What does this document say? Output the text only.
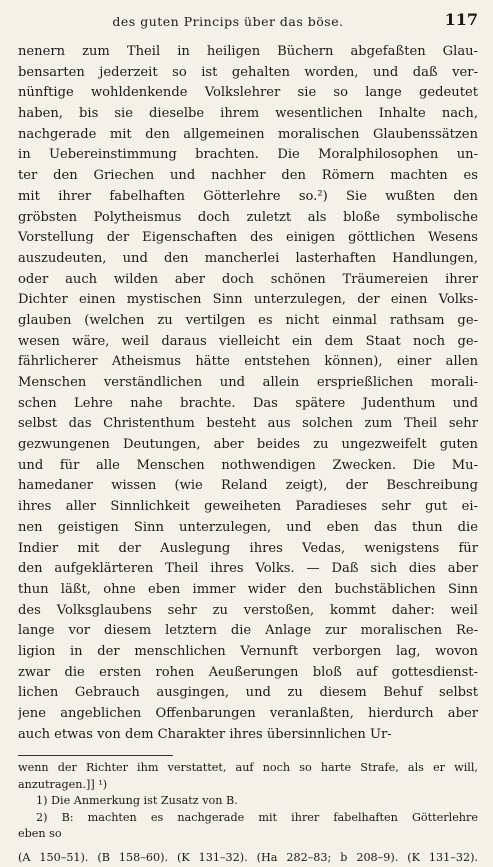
des guten Princips über das böse.	117
nenern zum Theil in heiligen Büchern abgefaßten Glau-
bensarten jederzeit so ist gehalten worden, und daß ver-
nünftige wohldenkende Volkslehrer sie so lange gedeutet
haben, bis sie dieselbe ihrem wesentlichen Inhalte nach,
nachgerade mit den allgemeinen moralischen Glaubenssätzen
in Uebereinstimmung brachten. Die Moralphilosophen un-
ter den Griechen und nachher den Römern machten es
mit ihrer fabelhaften Götterlehre so.²) Sie wußten den
gröbsten Polytheismus doch zuletzt als bloße symbolische
Vorstellung der Eigenschaften des einigen göttlichen Wesens
auszudeuten, und den mancherlei lasterhaften Handlungen,
oder auch wilden aber doch schönen Träumereien ihrer
Dichter einen mystischen Sinn unterzulegen, der einen Volks-
glauben (welchen zu vertilgen es nicht einmal rathsam ge-
wesen wäre, weil daraus vielleicht ein dem Staat noch ge-
fährlicherer Atheismus hätte entstehen können), einer allen
Menschen verständlichen und allein ersprießlichen morali-
schen Lehre nahe brachte. Das spätere Judenthum und
selbst das Christenthum besteht aus solchen zum Theil sehr
gezwungenen Deutungen, aber beides zu ungezweifelt guten
und für alle Menschen nothwendigen Zwecken. Die Mu-
hamedaner wissen (wie Reland zeigt), der Beschreibung
ihres aller Sinnlichkeit geweiheten Paradieses sehr gut ei-
nen geistigen Sinn unterzulegen, und eben das thun die
Indier mit der Auslegung ihres Vedas, wenigstens für
den aufgeklärteren Theil ihres Volks. — Daß sich dies aber
thun läßt, ohne eben immer wider den buchstäblichen Sinn
des Volksglaubens sehr zu verstoßen, kommt daher: weil
lange vor diesem letztern die Anlage zur moralischen Re-
ligion in der menschlichen Vernunft verborgen lag, wovon
zwar die ersten rohen Aeußerungen bloß auf gottesdienst-
lichen Gebrauch ausgingen, und zu diesem Behuf selbst
jene angeblichen Offenbarungen veranlaßten, hierdurch aber
auch etwas von dem Charakter ihres übersinnlichen Ur-
wenn der Richter ihm verstattet, auf noch so harte Strafe, als er will,
anzutragen.]] ¹)
1) Die Anmerkung ist Zusatz von B.
2) B: machten es nachgerade mit ihrer fabelhaften Götterlehre
eben so
(A 150–51). (B 158–60). (K 131–32). (Ha 282–83; b 208–9). (K 131–32).
